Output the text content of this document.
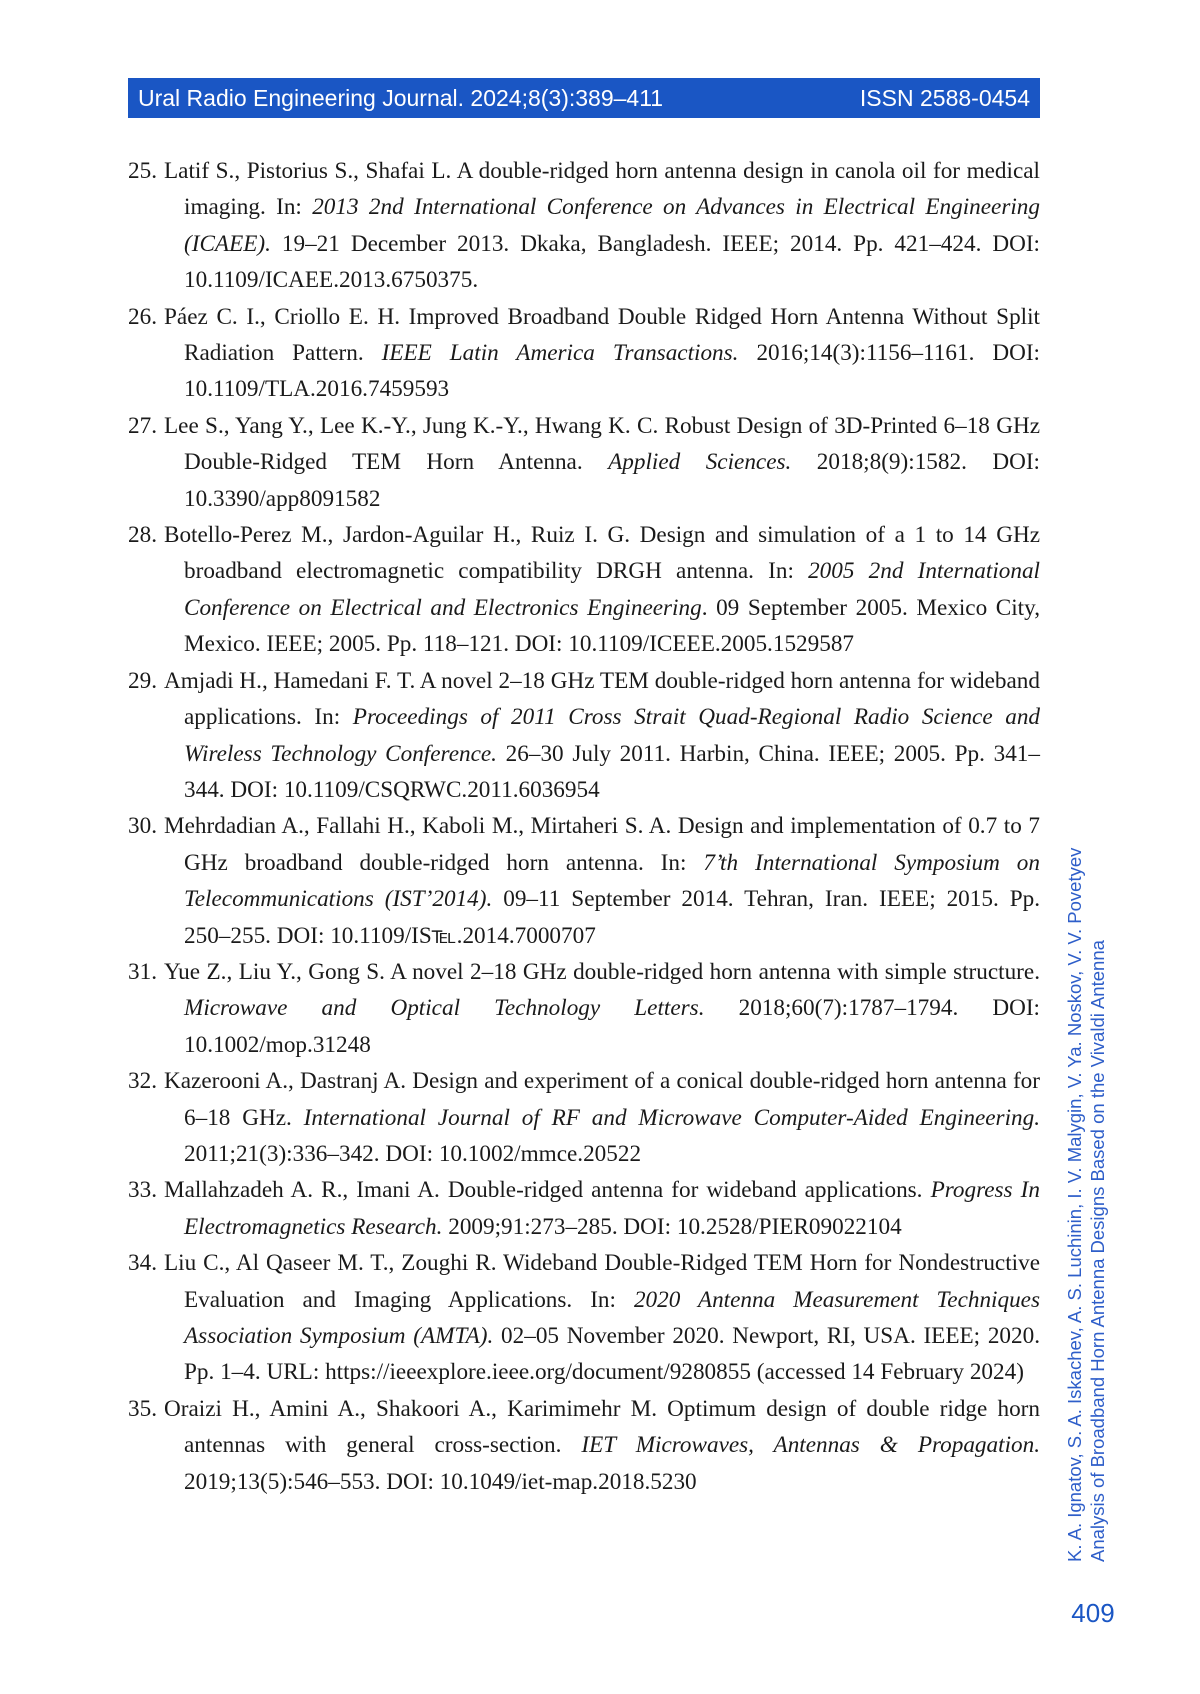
Ural Radio Engineering Journal. 2024;8(3):389–411	ISSN 2588-0454
25. Latif S., Pistorius S., Shafai L. A double-ridged horn antenna design in canola oil for medical imaging. In: 2013 2nd International Conference on Advances in Electrical Engineering (ICAEE). 19–21 December 2013. Dkaka, Bangladesh. IEEE; 2014. Pp. 421–424. DOI: 10.1109/ICAEE.2013.6750375.
26. Páez C. I., Criollo E. H. Improved Broadband Double Ridged Horn Antenna Without Split Radiation Pattern. IEEE Latin America Transactions. 2016;14(3):1156–1161. DOI: 10.1109/TLA.2016.7459593
27. Lee S., Yang Y., Lee K.-Y., Jung K.-Y., Hwang K. C. Robust Design of 3D-Printed 6–18 GHz Double-Ridged TEM Horn Antenna. Applied Sciences. 2018;8(9):1582. DOI: 10.3390/app8091582
28. Botello-Perez M., Jardon-Aguilar H., Ruiz I. G. Design and simulation of a 1 to 14 GHz broadband electromagnetic compatibility DRGH antenna. In: 2005 2nd International Conference on Electrical and Electronics Engineering. 09 September 2005. Mexico City, Mexico. IEEE; 2005. Pp. 118–121. DOI: 10.1109/ICEEE.2005.1529587
29. Amjadi H., Hamedani F. T. A novel 2–18 GHz TEM double-ridged horn antenna for wideband applications. In: Proceedings of 2011 Cross Strait Quad-Regional Radio Science and Wireless Technology Conference. 26–30 July 2011. Harbin, China. IEEE; 2005. Pp. 341–344. DOI: 10.1109/CSQRWC.2011.6036954
30. Mehrdadian A., Fallahi H., Kaboli M., Mirtaheri S. A. Design and implementation of 0.7 to 7 GHz broadband double-ridged horn antenna. In: 7’th International Symposium on Telecommunications (IST’2014). 09–11 September 2014. Tehran, Iran. IEEE; 2015. Pp. 250–255. DOI: 10.1109/IS℡.2014.7000707
31. Yue Z., Liu Y., Gong S. A novel 2–18 GHz double-ridged horn antenna with simple structure. Microwave and Optical Technology Letters. 2018;60(7):1787–1794. DOI: 10.1002/mop.31248
32. Kazerooni A., Dastranj A. Design and experiment of a conical double-ridged horn antenna for 6–18 GHz. International Journal of RF and Microwave Computer-Aided Engineering. 2011;21(3):336–342. DOI: 10.1002/mmce.20522
33. Mallahzadeh A. R., Imani A. Double-ridged antenna for wideband applications. Progress In Electromagnetics Research. 2009;91:273–285. DOI: 10.2528/PIER09022104
34. Liu C., Al Qaseer M. T., Zoughi R. Wideband Double-Ridged TEM Horn for Nondestructive Evaluation and Imaging Applications. In: 2020 Antenna Measurement Techniques Association Symposium (AMTA). 02–05 November 2020. Newport, RI, USA. IEEE; 2020. Pp. 1–4. URL: https://ieeexplore.ieee.org/document/9280855 (accessed 14 February 2024)
35. Oraizi H., Amini A., Shakoori A., Karimimehr M. Optimum design of double ridge horn antennas with general cross-section. IET Microwaves, Antennas & Propagation. 2019;13(5):546–553. DOI: 10.1049/iet-map.2018.5230	K. A. Ignatov, S. A. Iskachev, A. S. Luchinin, I. V. Malygin, V. Ya. Noskov, V. V. Povetyev Analysis of Broadband Horn Antenna Designs Based on the Vivaldi Antenna
409
